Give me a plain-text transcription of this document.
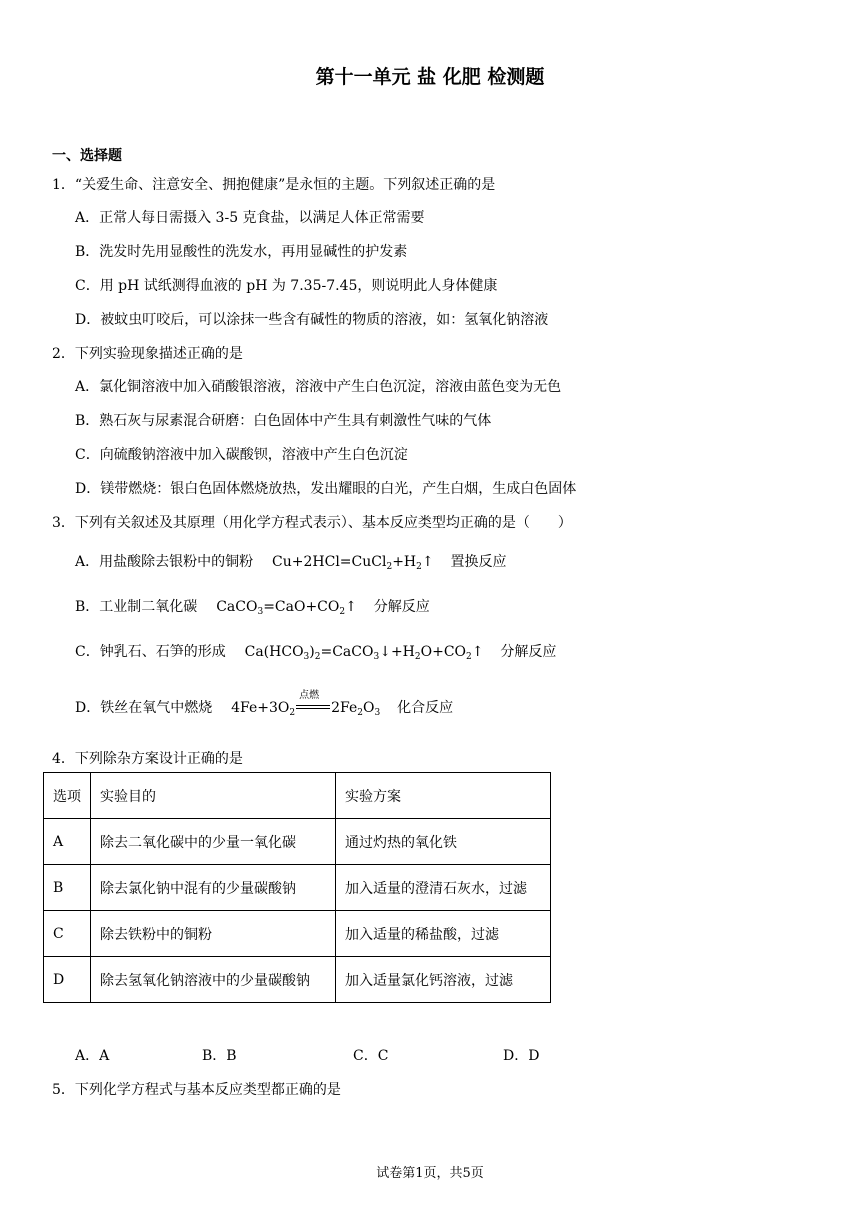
第十一单元 盐 化肥 检测题
一、选择题
1．“关爱生命、注意安全、拥抱健康”是永恒的主题。下列叙述正确的是
A．正常人每日需摄入 3-5 克食盐，以满足人体正常需要
B．洗发时先用显酸性的洗发水，再用显碱性的护发素
C．用 pH 试纸测得血液的 pH 为 7.35-7.45，则说明此人身体健康
D．被蚊虫叮咬后，可以涂抹一些含有碱性的物质的溶液，如：氢氧化钠溶液
2．下列实验现象描述正确的是
A．氯化铜溶液中加入硝酸银溶液，溶液中产生白色沉淀，溶液由蓝色变为无色
B．熟石灰与尿素混合研磨：白色固体中产生具有刺激性气味的气体
C．向硫酸钠溶液中加入碳酸钡，溶液中产生白色沉淀
D．镁带燃烧：银白色固体燃烧放热，发出耀眼的白光，产生白烟，生成白色固体
3．下列有关叙述及其原理（用化学方程式表示）、基本反应类型均正确的是（　　）
A．用盐酸除去银粉中的铜粉 $Cu+2HCl=CuCl_2+H_2↑$ 置换反应
B．工业制二氧化碳 $CaCO_3=CaO+CO_2↑$ 分解反应
C．钟乳石、石笋的形成 $Ca(HCO_3)_2=CaCO_3↓+H_2O+CO_2↑$ 分解反应
D．铁丝在氧气中燃烧 $4Fe+3O_2$
点燃
$2Fe_2O_3$ 化合反应
4．下列除杂方案设计正确的是
选项	实验目的	实验方案
A	除去二氧化碳中的少量一氧化碳	通过灼热的氧化铁
B	除去氯化钠中混有的少量碳酸钠	加入适量的澄清石灰水，过滤
C	除去铁粉中的铜粉	加入适量的稀盐酸，过滤
D	除去氢氧化钠溶液中的少量碳酸钠	加入适量氯化钙溶液，过滤
A．A	B．B	C．C	D．D
5．下列化学方程式与基本反应类型都正确的是
试卷第1页，共5页
